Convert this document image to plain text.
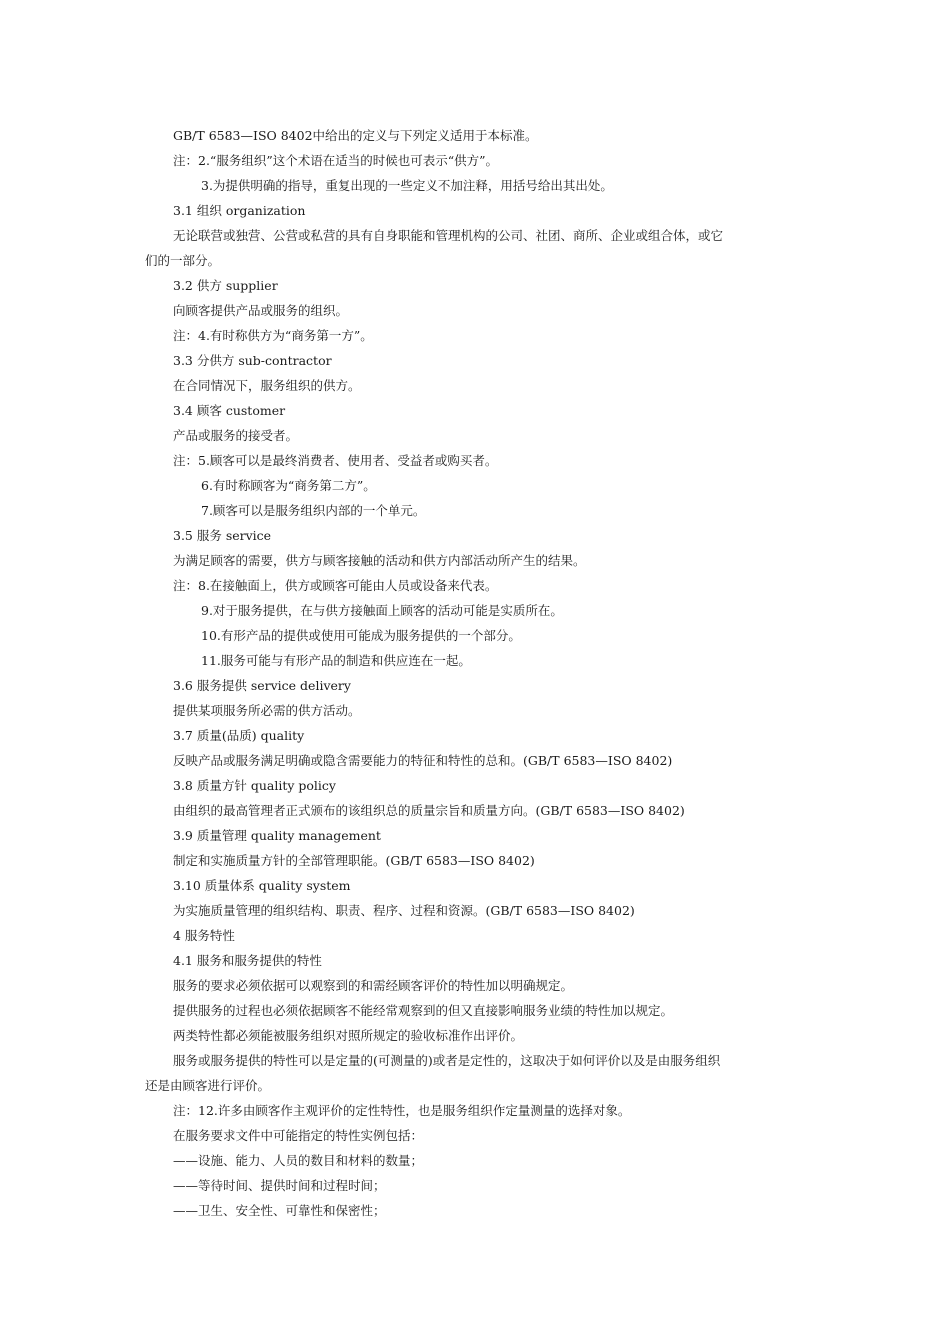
GB/T 6583—ISO 8402中给出的定义与下列定义适用于本标准。
注：2.“服务组织”这个术语在适当的时候也可表示“供方”。
3.为提供明确的指导，重复出现的一些定义不加注释，用括号给出其出处。
3.1 组织 organization
无论联营或独营、公营或私营的具有自身职能和管理机构的公司、社团、商所、企业或组合体，或它
们的一部分。
3.2 供方 supplier
向顾客提供产品或服务的组织。
注：4.有时称供方为“商务第一方”。
3.3 分供方 sub-contractor
在合同情况下，服务组织的供方。
3.4 顾客 customer
产品或服务的接受者。
注：5.顾客可以是最终消费者、使用者、受益者或购买者。
6.有时称顾客为“商务第二方”。
7.顾客可以是服务组织内部的一个单元。
3.5 服务 service
为满足顾客的需要，供方与顾客接触的活动和供方内部活动所产生的结果。
注：8.在接触面上，供方或顾客可能由人员或设备来代表。
9.对于服务提供，在与供方接触面上顾客的活动可能是实质所在。
10.有形产品的提供或使用可能成为服务提供的一个部分。
11.服务可能与有形产品的制造和供应连在一起。
3.6 服务提供 service delivery
提供某项服务所必需的供方活动。
3.7 质量(品质) quality
反映产品或服务满足明确或隐含需要能力的特征和特性的总和。(GB/T 6583—ISO 8402)
3.8 质量方针 quality policy
由组织的最高管理者正式颁布的该组织总的质量宗旨和质量方向。(GB/T 6583—ISO 8402)
3.9 质量管理 quality management
制定和实施质量方针的全部管理职能。(GB/T 6583—ISO 8402)
3.10 质量体系 quality system
为实施质量管理的组织结构、职责、程序、过程和资源。(GB/T 6583—ISO 8402)
4 服务特性
4.1 服务和服务提供的特性
服务的要求必须依据可以观察到的和需经顾客评价的特性加以明确规定。
提供服务的过程也必须依据顾客不能经常观察到的但又直接影响服务业绩的特性加以规定。
两类特性都必须能被服务组织对照所规定的验收标准作出评价。
服务或服务提供的特性可以是定量的(可测量的)或者是定性的，这取决于如何评价以及是由服务组织
还是由顾客进行评价。
注：12.许多由顾客作主观评价的定性特性，也是服务组织作定量测量的选择对象。
在服务要求文件中可能指定的特性实例包括：
——设施、能力、人员的数目和材料的数量；
——等待时间、提供时间和过程时间；
——卫生、安全性、可靠性和保密性；
